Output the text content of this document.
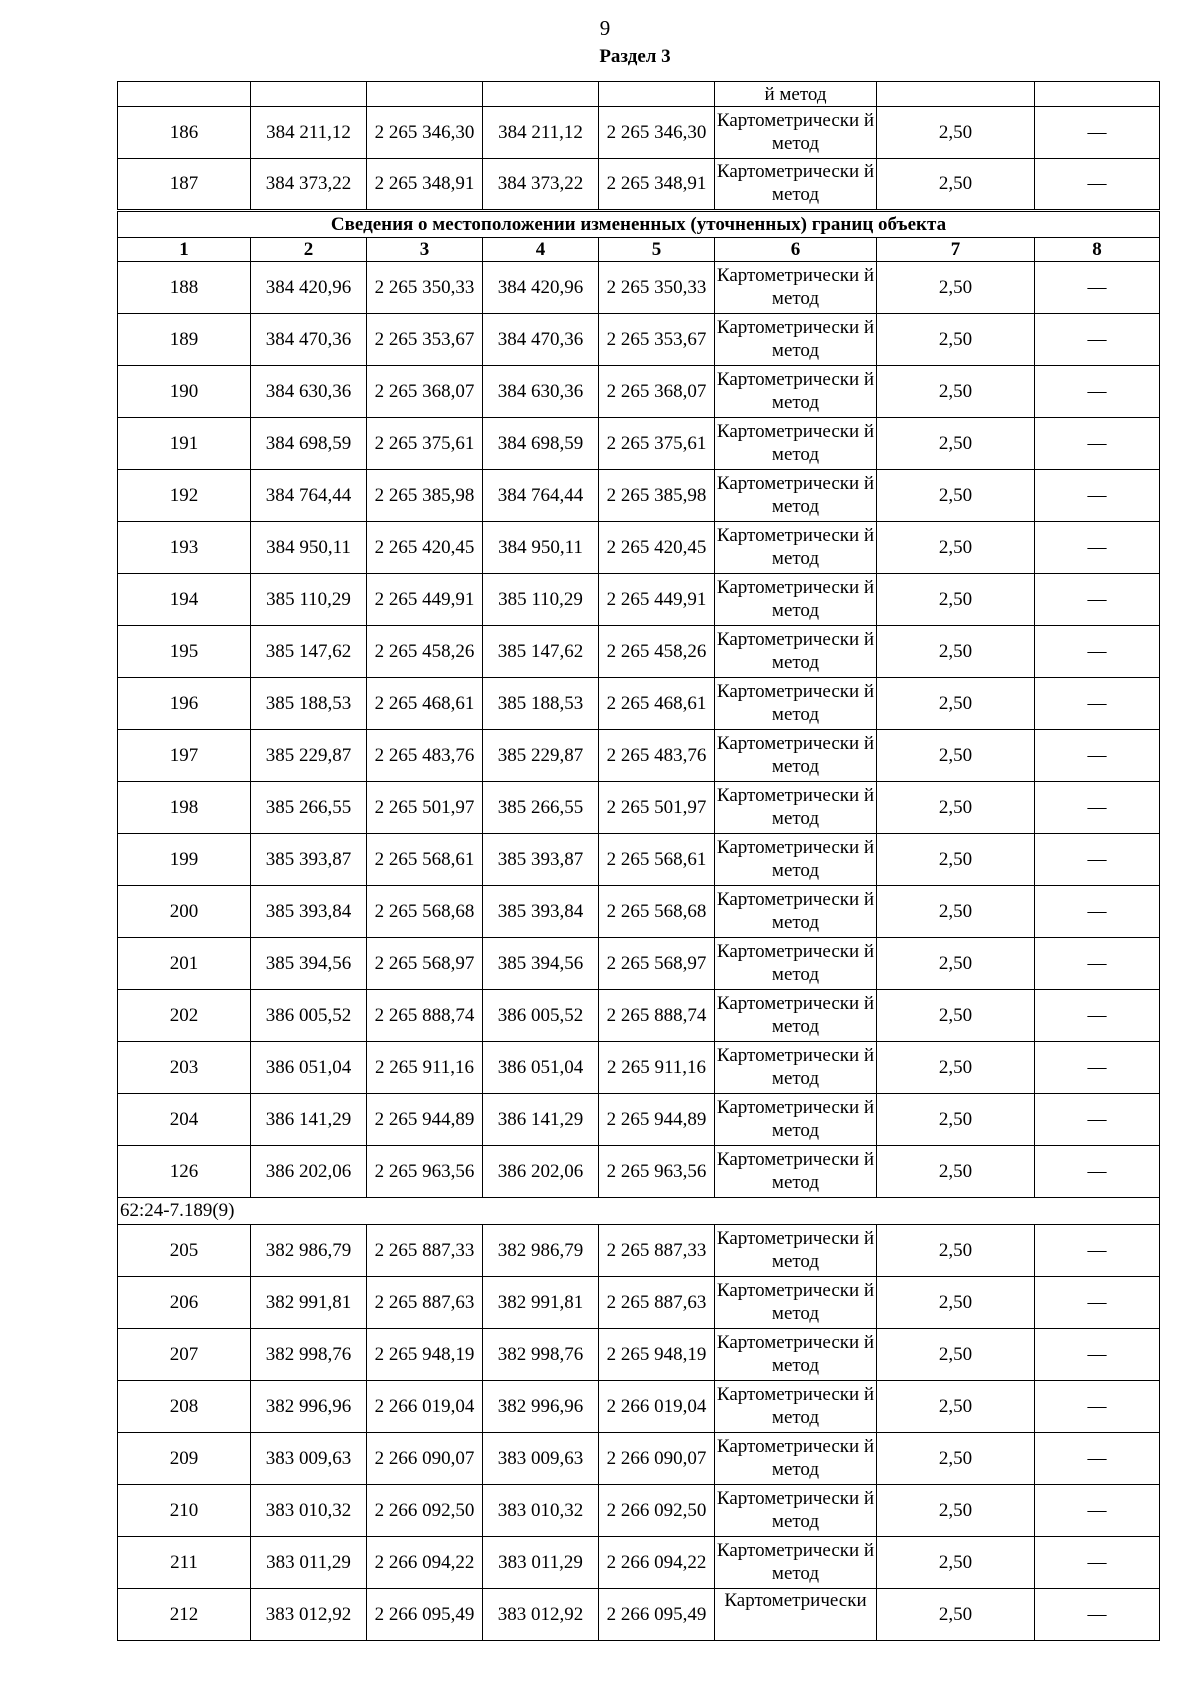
9
Раздел 3
					й метод		
186	384 211,12	2 265 346,30	384 211,12	2 265 346,30	Картометрически й метод	2,50	—
187	384 373,22	2 265 348,91	384 373,22	2 265 348,91	Картометрически й метод	2,50	—
Сведения о местоположении измененных (уточненных) границ объекта							
1	2	3	4	5	6	7	8
188	384 420,96	2 265 350,33	384 420,96	2 265 350,33	Картометрически й метод	2,50	—
189	384 470,36	2 265 353,67	384 470,36	2 265 353,67	Картометрически й метод	2,50	—
190	384 630,36	2 265 368,07	384 630,36	2 265 368,07	Картометрически й метод	2,50	—
191	384 698,59	2 265 375,61	384 698,59	2 265 375,61	Картометрически й метод	2,50	—
192	384 764,44	2 265 385,98	384 764,44	2 265 385,98	Картометрически й метод	2,50	—
193	384 950,11	2 265 420,45	384 950,11	2 265 420,45	Картометрически й метод	2,50	—
194	385 110,29	2 265 449,91	385 110,29	2 265 449,91	Картометрически й метод	2,50	—
195	385 147,62	2 265 458,26	385 147,62	2 265 458,26	Картометрически й метод	2,50	—
196	385 188,53	2 265 468,61	385 188,53	2 265 468,61	Картометрически й метод	2,50	—
197	385 229,87	2 265 483,76	385 229,87	2 265 483,76	Картометрически й метод	2,50	—
198	385 266,55	2 265 501,97	385 266,55	2 265 501,97	Картометрически й метод	2,50	—
199	385 393,87	2 265 568,61	385 393,87	2 265 568,61	Картометрически й метод	2,50	—
200	385 393,84	2 265 568,68	385 393,84	2 265 568,68	Картометрически й метод	2,50	—
201	385 394,56	2 265 568,97	385 394,56	2 265 568,97	Картометрически й метод	2,50	—
202	386 005,52	2 265 888,74	386 005,52	2 265 888,74	Картометрически й метод	2,50	—
203	386 051,04	2 265 911,16	386 051,04	2 265 911,16	Картометрически й метод	2,50	—
204	386 141,29	2 265 944,89	386 141,29	2 265 944,89	Картометрически й метод	2,50	—
126	386 202,06	2 265 963,56	386 202,06	2 265 963,56	Картометрически й метод	2,50	—
62:24-7.189(9)							
205	382 986,79	2 265 887,33	382 986,79	2 265 887,33	Картометрически й метод	2,50	—
206	382 991,81	2 265 887,63	382 991,81	2 265 887,63	Картометрически й метод	2,50	—
207	382 998,76	2 265 948,19	382 998,76	2 265 948,19	Картометрически й метод	2,50	—
208	382 996,96	2 266 019,04	382 996,96	2 266 019,04	Картометрически й метод	2,50	—
209	383 009,63	2 266 090,07	383 009,63	2 266 090,07	Картометрически й метод	2,50	—
210	383 010,32	2 266 092,50	383 010,32	2 266 092,50	Картометрически й метод	2,50	—
211	383 011,29	2 266 094,22	383 011,29	2 266 094,22	Картометрически й метод	2,50	—
212	383 012,92	2 266 095,49	383 012,92	2 266 095,49	Картометрически	2,50	—
